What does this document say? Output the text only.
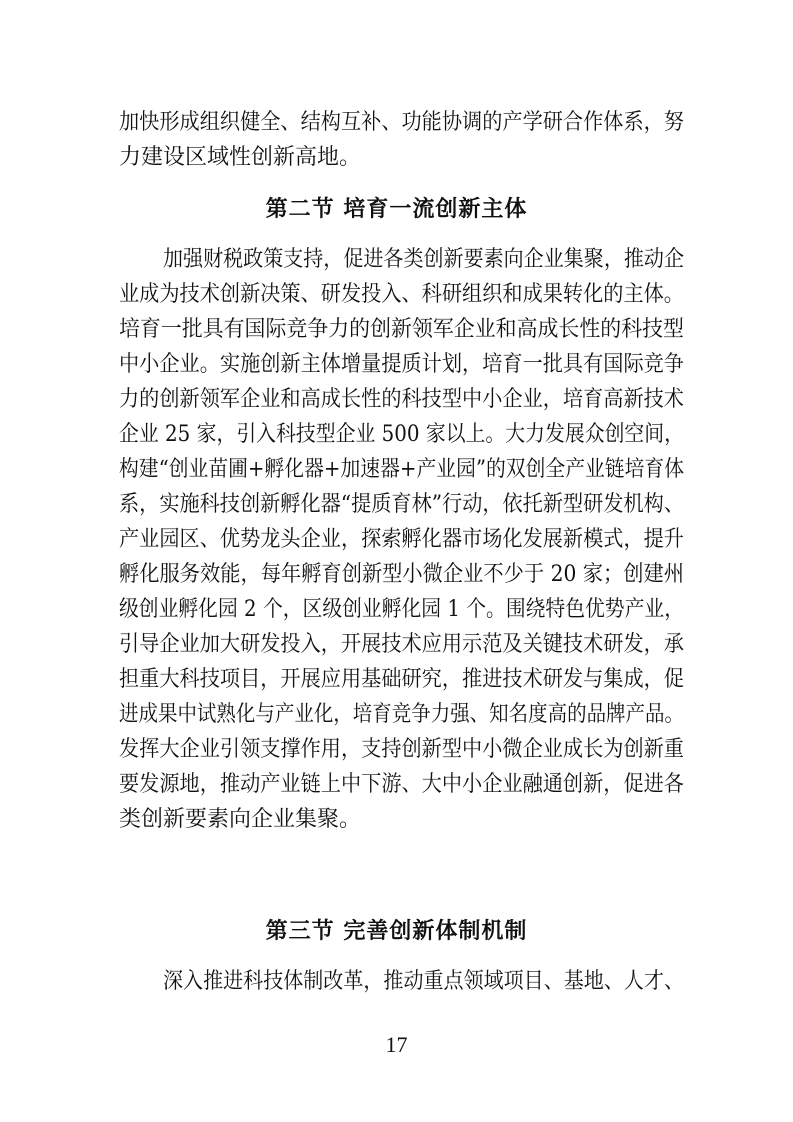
加快形成组织健全、结构互补、功能协调的产学研合作体系，努
力建设区域性创新高地。
第二节 培育一流创新主体
加强财税政策支持，促进各类创新要素向企业集聚，推动企
业成为技术创新决策、研发投入、科研组织和成果转化的主体。
培育一批具有国际竞争力的创新领军企业和高成长性的科技型
中小企业。实施创新主体增量提质计划，培育一批具有国际竞争
力的创新领军企业和高成长性的科技型中小企业，培育高新技术
企业 25 家，引入科技型企业 500 家以上。大力发展众创空间，
构建“创业苗圃+孵化器+加速器+产业园”的双创全产业链培育体
系，实施科技创新孵化器“提质育林”行动，依托新型研发机构、
产业园区、优势龙头企业，探索孵化器市场化发展新模式，提升
孵化服务效能，每年孵育创新型小微企业不少于 20 家；创建州
级创业孵化园 2 个，区级创业孵化园 1 个。围绕特色优势产业，
引导企业加大研发投入，开展技术应用示范及关键技术研发，承
担重大科技项目，开展应用基础研究，推进技术研发与集成，促
进成果中试熟化与产业化，培育竞争力强、知名度高的品牌产品。
发挥大企业引领支撑作用，支持创新型中小微企业成长为创新重
要发源地，推动产业链上中下游、大中小企业融通创新，促进各
类创新要素向企业集聚。
第三节 完善创新体制机制
深入推进科技体制改革，推动重点领域项目、基地、人才、
17
